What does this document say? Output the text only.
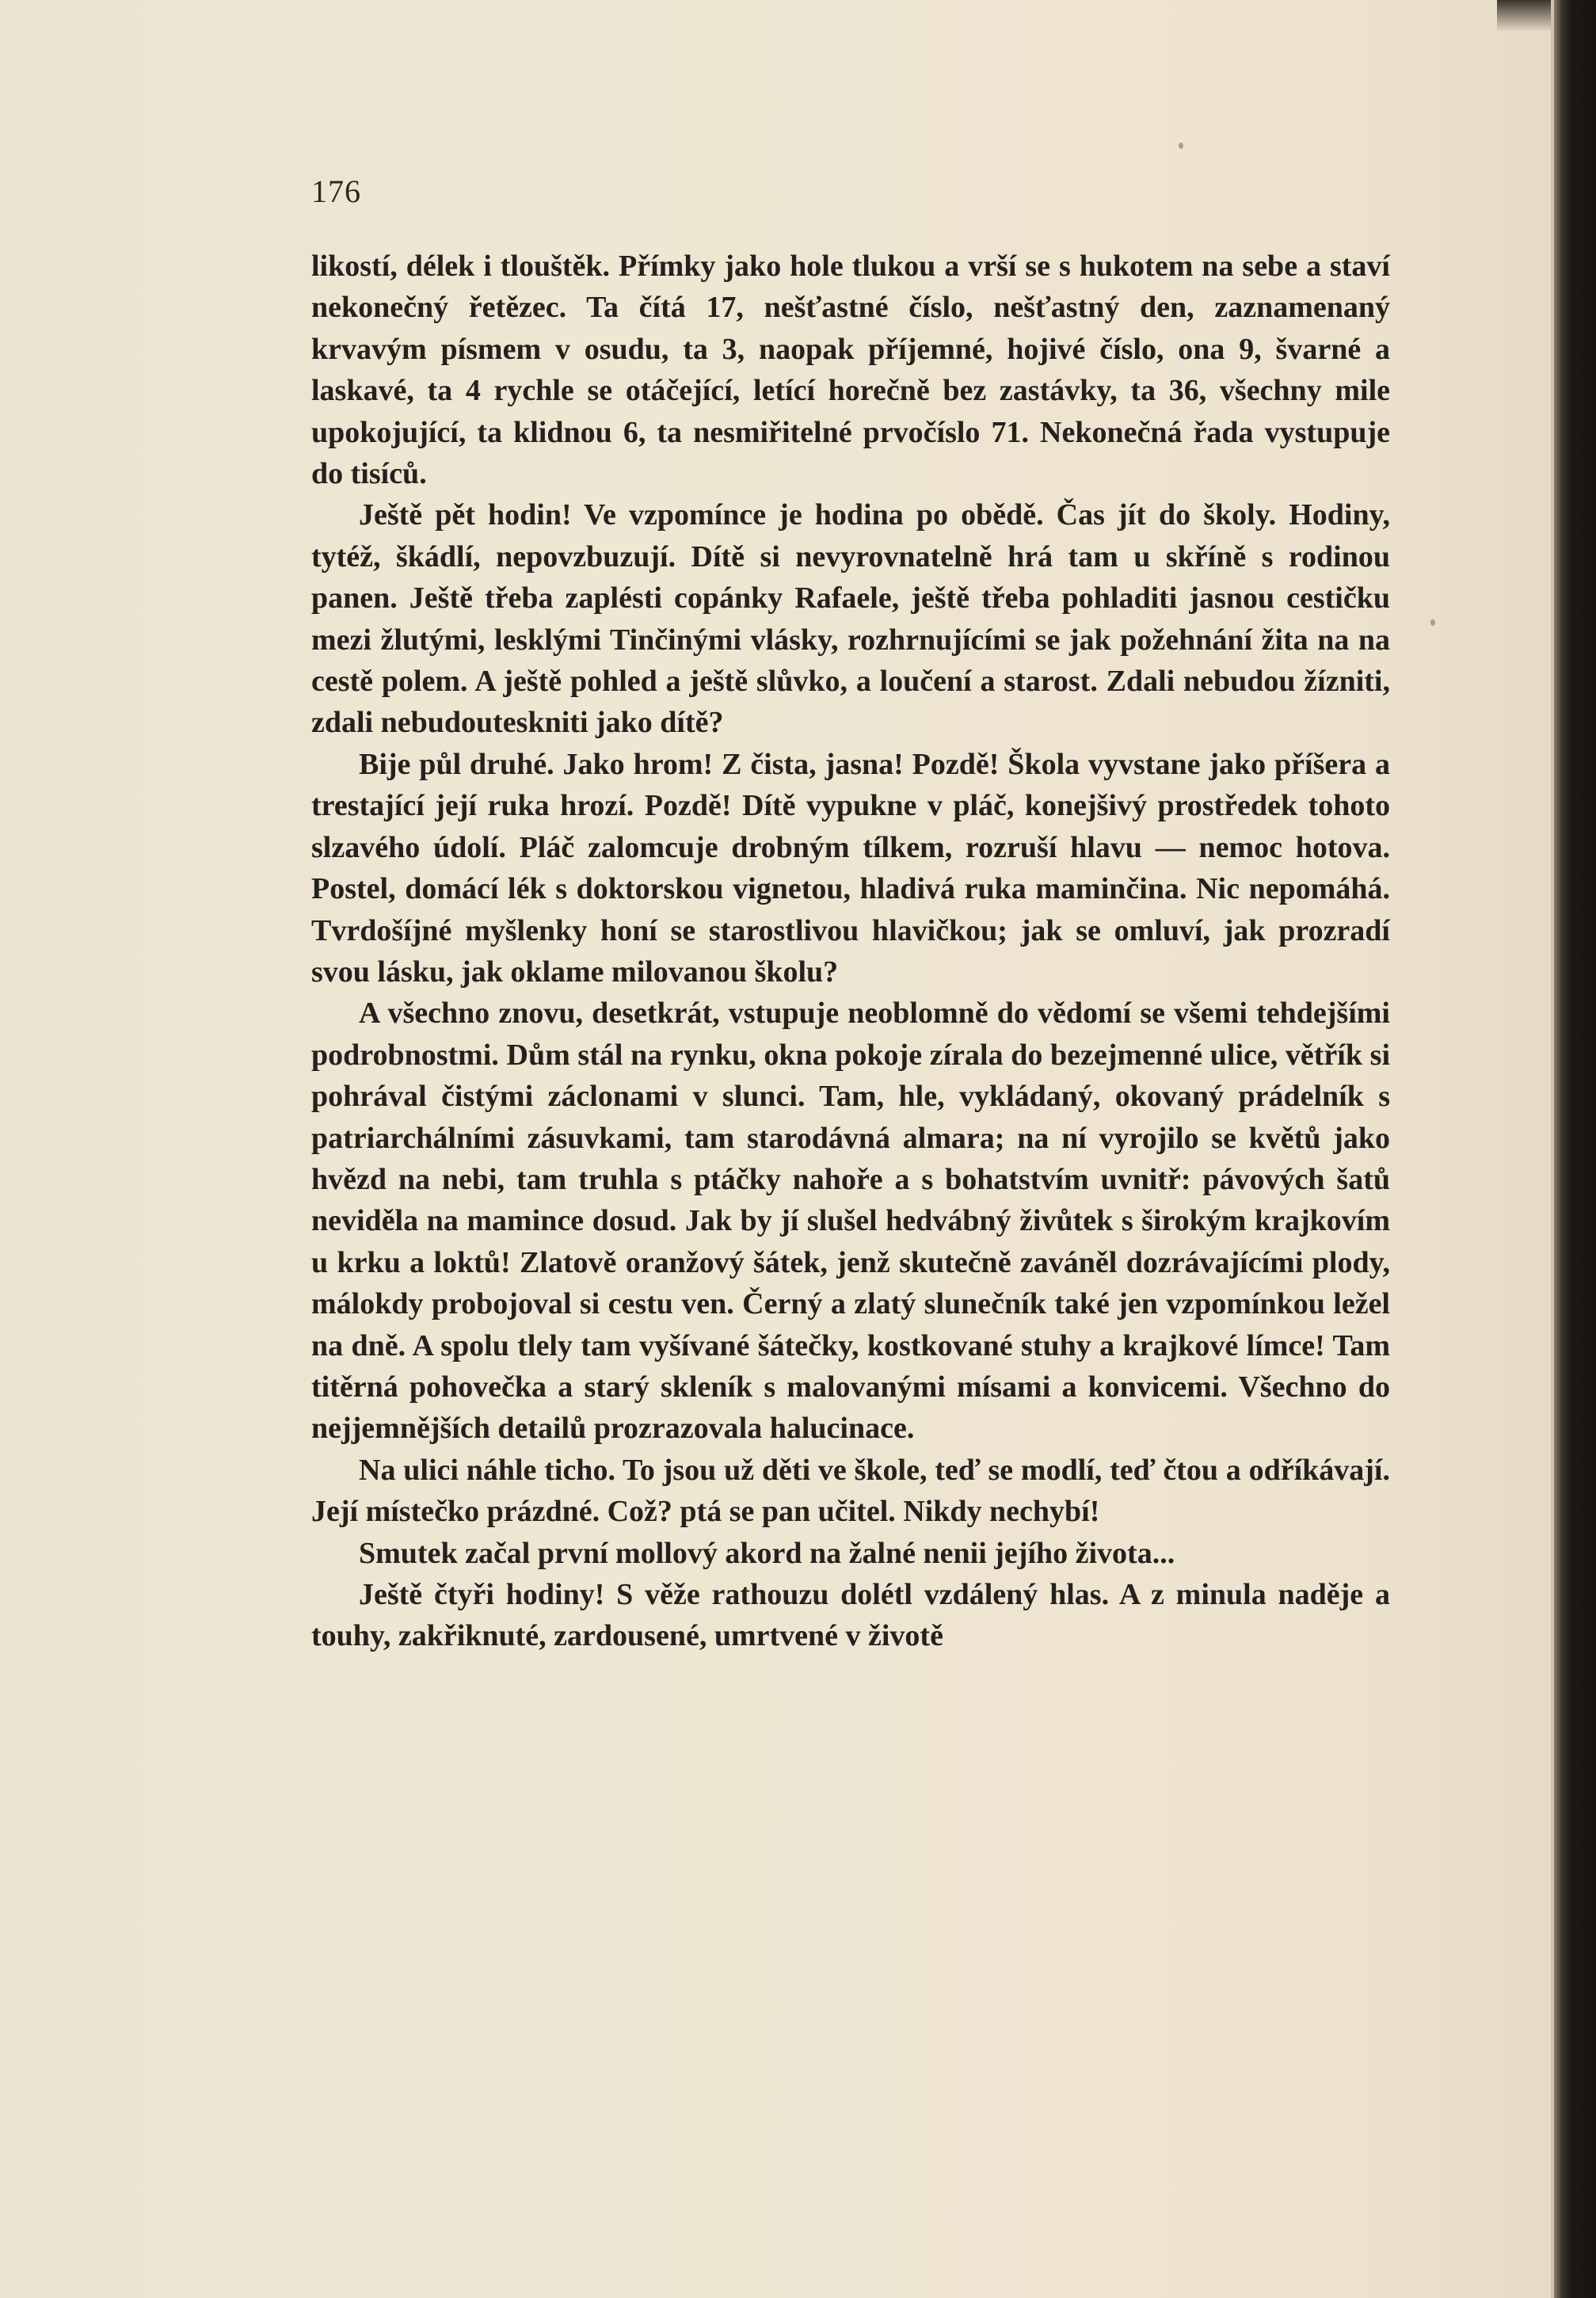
176

likostí, délek i tlouštěk. Přímky jako hole tlukou a vrší se s hukotem na sebe a staví nekonečný řetězec. Ta čítá 17, nešťastné číslo, nešťastný den, zaznamenaný krvavým písmem v osudu, ta 3, naopak příjemné, hojivé číslo, ona 9, švarné a laskavé, ta 4 rychle se otáčející, letící horečně bez zastávky, ta 36, všechny mile upokojující, ta klidnou 6, ta nesmiřitelné prvočíslo 71. Nekonečná řada vystupuje do tisíců.

Ještě pět hodin! Ve vzpomínce je hodina po obědě. Čas jít do školy. Hodiny, tytéž, škádlí, nepovzbuzují. Dítě si nevyrovnatelně hrá tam u skříně s rodinou panen. Ještě třeba zaplésti copánky Rafaele, ještě třeba pohladiti jasnou cestičku mezi žlutými, lesklými Tinčinými vlásky, rozhrnujícími se jak požehnání žita na na cestě polem. A ještě pohled a ještě slůvko, a loučení a starost. Zdali nebudou žízniti, zdali nebudouteskniti jako dítě?

Bije půl druhé. Jako hrom! Z čista, jasna! Pozdě! Škola vyvstane jako příšera a trestající její ruka hrozí. Pozdě! Dítě vypukne v pláč, konejšivý prostředek tohoto slzavého údolí. Pláč zalomcuje drobným tílkem, rozruší hlavu — nemoc hotova. Postel, domácí lék s doktorskou vignetou, hladivá ruka maminčina. Nic nepomáhá. Tvrdošíjné myšlenky honí se starostlivou hlavičkou; jak se omluví, jak prozradí svou lásku, jak oklame milovanou školu?

A všechno znovu, desetkrát, vstupuje neoblomně do vědomí se všemi tehdejšími podrobnostmi. Dům stál na rynku, okna pokoje zírala do bezejmenné ulice, větřík si pohrával čistými záclonami v slunci. Tam, hle, vykládaný, okovaný prádelník s patriarchálními zásuvkami, tam starodávná almara; na ní vyrojilo se květů jako hvězd na nebi, tam truhla s ptáčky nahoře a s bohatstvím uvnitř: pávových šatů neviděla na mamince dosud. Jak by jí slušel hedvábný živůtek s širokým krajkovím u krku a loktů! Zlatově oranžový šátek, jenž skutečně zaváněl dozrávajícími plody, málokdy probojoval si cestu ven. Černý a zlatý slunečník také jen vzpomínkou ležel na dně. A spolu tlely tam vyšívané šátečky, kostkované stuhy a krajkové límce! Tam titěrná pohovečka a starý skleník s malovanými mísami a konvicemi. Všechno do nejjemnějších detailů prozrazovala halucinace.

Na ulici náhle ticho. To jsou už děti ve škole, teď se modlí, teď čtou a odříkávají. Její místečko prázdné. Což? ptá se pan učitel. Nikdy nechybí!

Smutek začal první mollový akord na žalné nenii jejího života...

Ještě čtyři hodiny! S věže rathouzu dolétl vzdálený hlas. A z minula naděje a touhy, zakřiknuté, zardousené, umrtvené v životě
